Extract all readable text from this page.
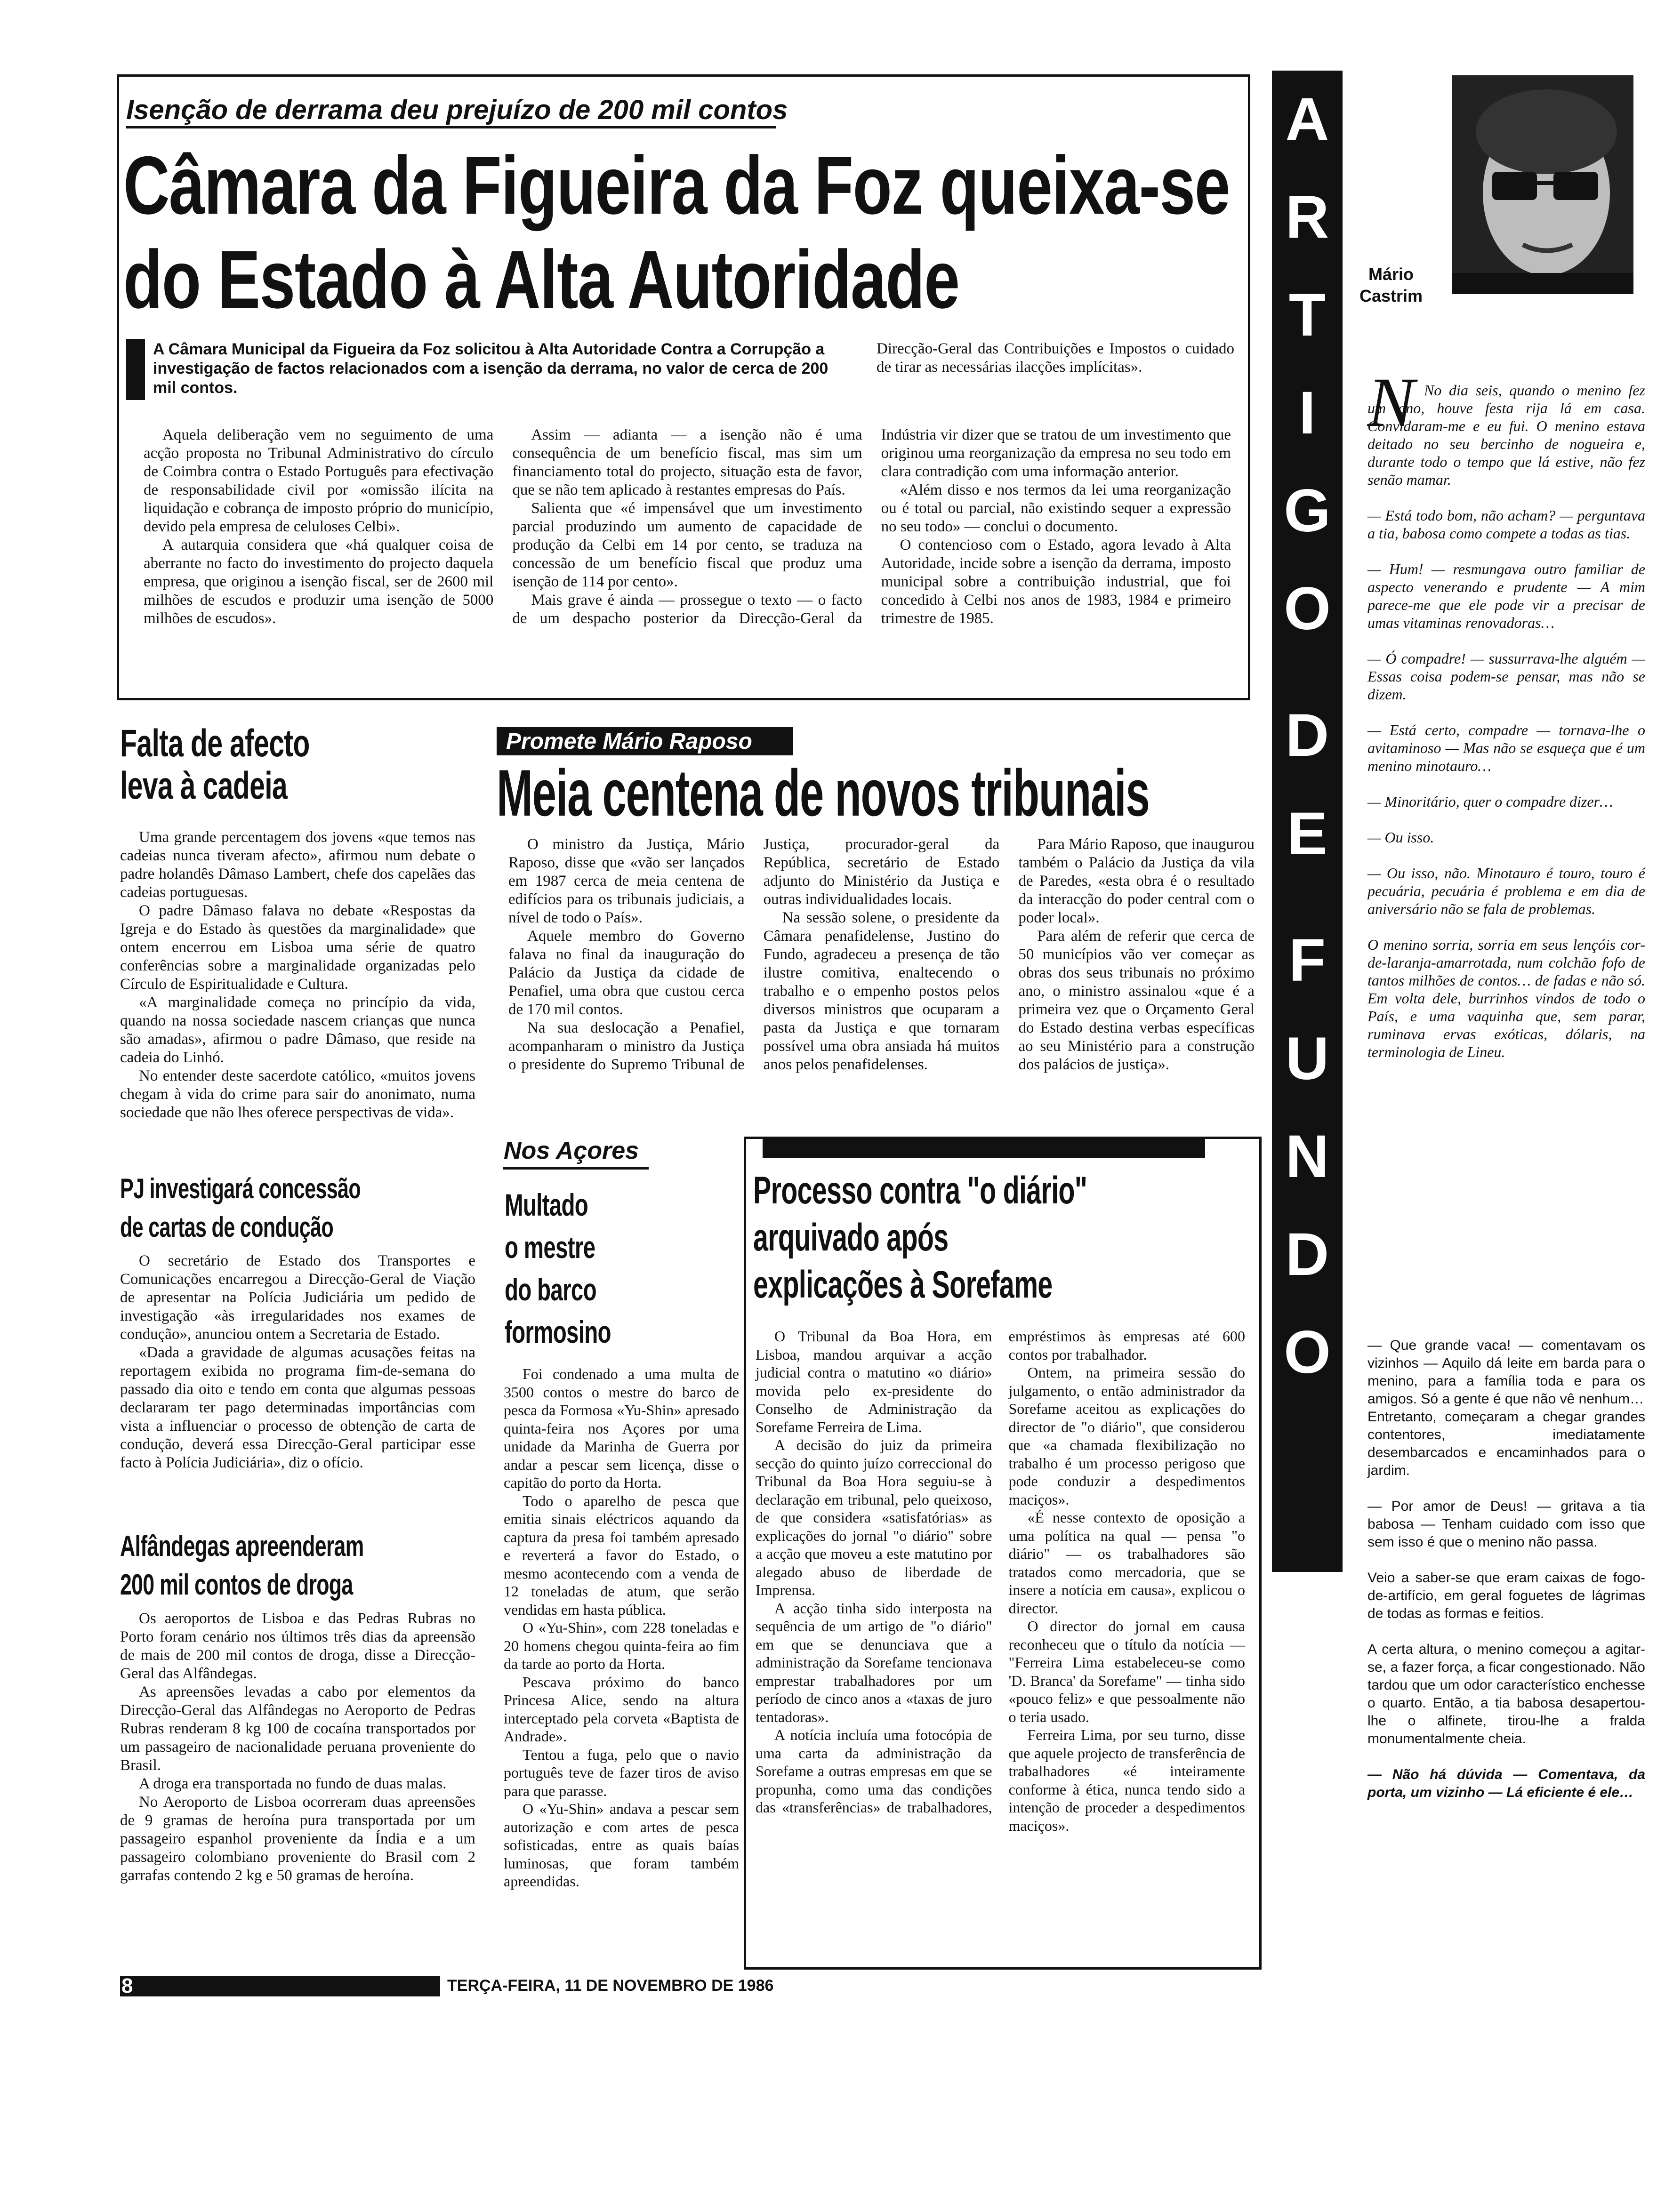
Isenção de derrama deu prejuízo de 200 mil contos
Câmara da Figueira da Foz queixa-se
do Estado à Alta Autoridade
A Câmara Municipal da Figueira da Foz solicitou à Alta Autoridade Contra a Corrupção a investigação de factos relacionados com a isenção da derrama, no valor de cerca de 200 mil contos.
Direcção-Geral das Contribuições e Impostos o cuidado de tirar as necessárias ilacções implícitas».

Aquela deliberação vem no seguimento de uma acção proposta no Tribunal Administrativo do círculo de Coimbra contra o Estado Português para efectivação de responsabilidade civil por «omissão ilícita na liquidação e cobrança de imposto próprio do município, devido pela empresa de celuloses Celbi».

A autarquia considera que «há qualquer coisa de aberrante no facto do investimento do projecto daquela empresa, que originou a isenção fiscal, ser de 2600 mil milhões de escudos e produzir uma isenção de 5000 milhões de escudos».

Assim — adianta — a isenção não é uma consequência de um benefício fiscal, mas sim um financiamento total do projecto, situação esta de favor, que se não tem aplicado à restantes empresas do País.

Salienta que «é impensável que um investimento parcial produzindo um aumento de capacidade de produção da Celbi em 14 por cento, se traduza na concessão de um benefício fiscal que produz uma isenção de 114 por cento».

Mais grave é ainda — prossegue o texto — o facto de um despacho posterior da Direcção-Geral da Indústria vir dizer que se tratou de um investimento que originou uma reorganização da empresa no seu todo em clara contradição com uma informação anterior.

«Além disso e nos termos da lei uma reorganização ou é total ou parcial, não existindo sequer a expressão no seu todo» — conclui o documento.

O contencioso com o Estado, agora levado à Alta Autoridade, incide sobre a isenção da derrama, imposto municipal sobre a contribuição industrial, que foi concedido à Celbi nos anos de 1983, 1984 e primeiro trimestre de 1985.

A
R
T
I
G
O
D
E
F
U
N
D
O
Mário Castrim
N No dia seis, quando o menino fez um ano, houve festa rija lá em casa. Convidaram-me e eu fui. O menino estava deitado no seu bercinho de nogueira e, durante todo o tempo que lá estive, não fez senão mamar.

— Está todo bom, não acham? — perguntava a tia, babosa como compete a todas as tias.

— Hum! — resmungava outro familiar de aspecto venerando e prudente — A mim parece-me que ele pode vir a precisar de umas vitaminas renovadoras…

— Ó compadre! — sussurrava-lhe alguém — Essas coisa podem-se pensar, mas não se dizem.

— Está certo, compadre — tornava-lhe o avitaminoso — Mas não se esqueça que é um menino minotauro…

— Minoritário, quer o compadre dizer…

— Ou isso.

— Ou isso, não. Minotauro é touro, touro é pecuária, pecuária é problema e em dia de aniversário não se fala de problemas.

O menino sorria, sorria em seus lençóis cor-de-laranja-amarrotada, num colchão fofo de tantos milhões de contos… de fadas e não só. Em volta dele, burrinhos vindos de todo o País, e uma vaquinha que, sem parar, ruminava ervas exóticas, dólaris, na terminologia de Lineu.

— Que grande vaca! — comentavam os vizinhos — Aquilo dá leite em barda para o menino, para a família toda e para os amigos. Só a gente é que não vê nenhum…

Entretanto, começaram a chegar grandes contentores, imediatamente desembarcados e encaminhados para o jardim.

— Por amor de Deus! — gritava a tia babosa — Tenham cuidado com isso que sem isso é que o menino não passa.

Veio a saber-se que eram caixas de fogo-de-artifício, em geral foguetes de lágrimas de todas as formas e feitios.

A certa altura, o menino começou a agitar-se, a fazer força, a ficar congestionado. Não tardou que um odor característico enchesse o quarto. Então, a tia babosa desapertou-lhe o alfinete, tirou-lhe a fralda monumentalmente cheia.

— Não há dúvida — Comentava, da porta, um vizinho — Lá eficiente é ele…

Falta de afecto
leva à cadeia

Uma grande percentagem dos jovens «que temos nas cadeias nunca tiveram afecto», afirmou num debate o padre holandês Dâmaso Lambert, chefe dos capelães das cadeias portuguesas.

O padre Dâmaso falava no debate «Respostas da Igreja e do Estado às questões da marginalidade» que ontem encerrou em Lisboa uma série de quatro conferências sobre a marginalidade organizadas pelo Círculo de Espiritualidade e Cultura.

«A marginalidade começa no princípio da vida, quando na nossa sociedade nascem crianças que nunca são amadas», afirmou o padre Dâmaso, que reside na cadeia do Linhó.

No entender deste sacerdote católico, «muitos jovens chegam à vida do crime para sair do anonimato, numa sociedade que não lhes oferece perspectivas de vida».

PJ investigará concessão
de cartas de condução

O secretário de Estado dos Transportes e Comunicações encarregou a Direcção-Geral de Viação de apresentar na Polícia Judiciária um pedido de investigação «às irregularidades nos exames de condução», anunciou ontem a Secretaria de Estado.

«Dada a gravidade de algumas acusações feitas na reportagem exibida no programa fim-de-semana do passado dia oito e tendo em conta que algumas pessoas declararam ter pago determinadas importâncias com vista a influenciar o processo de obtenção de carta de condução, deverá essa Direcção-Geral participar esse facto à Polícia Judiciária», diz o ofício.

Alfândegas apreenderam
200 mil contos de droga

Os aeroportos de Lisboa e das Pedras Rubras no Porto foram cenário nos últimos três dias da apreensão de mais de 200 mil contos de droga, disse a Direcção-Geral das Alfândegas.

As apreensões levadas a cabo por elementos da Direcção-Geral das Alfândegas no Aeroporto de Pedras Rubras renderam 8 kg 100 de cocaína transportados por um passageiro de nacionalidade peruana proveniente do Brasil.

A droga era transportada no fundo de duas malas.

No Aeroporto de Lisboa ocorreram duas apreensões de 9 gramas de heroína pura transportada por um passageiro espanhol proveniente da Índia e a um passageiro colombiano proveniente do Brasil com 2 garrafas contendo 2 kg e 50 gramas de heroína.

Promete Mário Raposo
Meia centena de novos tribunais

O ministro da Justiça, Mário Raposo, disse que «vão ser lançados em 1987 cerca de meia centena de edifícios para os tribunais judiciais, a nível de todo o País».

Aquele membro do Governo falava no final da inauguração do Palácio da Justiça da cidade de Penafiel, uma obra que custou cerca de 170 mil contos.

Na sua deslocação a Penafiel, acompanharam o ministro da Justiça o presidente do Supremo Tribunal de Justiça, procurador-geral da República, secretário de Estado adjunto do Ministério da Justiça e outras individualidades locais.

Na sessão solene, o presidente da Câmara penafidelense, Justino do Fundo, agradeceu a presença de tão ilustre comitiva, enaltecendo o trabalho e o empenho postos pelos diversos ministros que ocuparam a pasta da Justiça e que tornaram possível uma obra ansiada há muitos anos pelos penafidelenses.

Para Mário Raposo, que inaugurou também o Palácio da Justiça da vila de Paredes, «esta obra é o resultado da interacção do poder central com o poder local».

Para além de referir que cerca de 50 municípios vão ver começar as obras dos seus tribunais no próximo ano, o ministro assinalou «que é a primeira vez que o Orçamento Geral do Estado destina verbas específicas ao seu Ministério para a construção dos palácios de justiça».

Nos Açores
Multado
o mestre
do barco
formosino

Foi condenado a uma multa de 3500 contos o mestre do barco de pesca da Formosa «Yu-Shin» apresado quinta-feira nos Açores por uma unidade da Marinha de Guerra por andar a pescar sem licença, disse o capitão do porto da Horta.

Todo o aparelho de pesca que emitia sinais eléctricos aquando da captura da presa foi também apresado e reverterá a favor do Estado, o mesmo acontecendo com a venda de 12 toneladas de atum, que serão vendidas em hasta pública.

O «Yu-Shin», com 228 toneladas e 20 homens chegou quinta-feira ao fim da tarde ao porto da Horta.

Pescava próximo do banco Princesa Alice, sendo na altura interceptado pela corveta «Baptista de Andrade».

Tentou a fuga, pelo que o navio português teve de fazer tiros de aviso para que parasse.

O «Yu-Shin» andava a pescar sem autorização e com artes de pesca sofisticadas, entre as quais baías luminosas, que foram também apreendidas.

Processo contra "o diário"
arquivado após
explicações à Sorefame

O Tribunal da Boa Hora, em Lisboa, mandou arquivar a acção judicial contra o matutino «o diário» movida pelo ex-presidente do Conselho de Administração da Sorefame Ferreira de Lima.

A decisão do juiz da primeira secção do quinto juízo correccional do Tribunal da Boa Hora seguiu-se à declaração em tribunal, pelo queixoso, de que considera «satisfatórias» as explicações do jornal "o diário" sobre a acção que moveu a este matutino por alegado abuso de liberdade de Imprensa.

A acção tinha sido interposta na sequência de um artigo de "o diário" em que se denunciava que a administração da Sorefame tencionava emprestar trabalhadores por um período de cinco anos a «taxas de juro tentadoras».

A notícia incluía uma fotocópia de uma carta da administração da Sorefame a outras empresas em que se propunha, como uma das condições das «transferências» de trabalhadores, empréstimos às empresas até 600 contos por trabalhador.

Ontem, na primeira sessão do julgamento, o então administrador da Sorefame aceitou as explicações do director de "o diário", que considerou que «a chamada flexibilização no trabalho é um processo perigoso que pode conduzir a despedimentos maciços».

«É nesse contexto de oposição a uma política na qual — pensa "o diário" — os trabalhadores são tratados como mercadoria, que se insere a notícia em causa», explicou o director.

O director do jornal em causa reconheceu que o título da notícia — "Ferreira Lima estabeleceu-se como 'D. Branca' da Sorefame" — tinha sido «pouco feliz» e que pessoalmente não o teria usado.

Ferreira Lima, por seu turno, disse que aquele projecto de transferência de trabalhadores «é inteiramente conforme à ética, nunca tendo sido a intenção de proceder a despedimentos maciços».

8	TERÇA-FEIRA, 11 DE NOVEMBRO DE 1986
